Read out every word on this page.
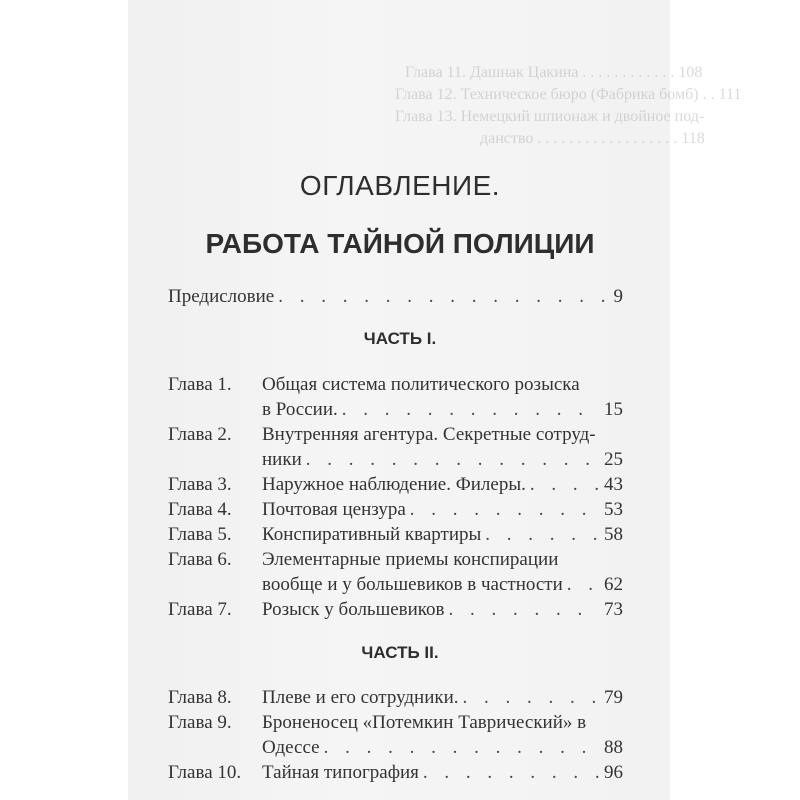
Глава 11. Дашнак Цакина . . . . . . . . . . . . 108
Глава 12. Техническое бюро (Фабрика бомб) . . 111
Глава 13. Немецкий шпионаж и двойное под-
данство . . . . . . . . . . . . . . . . . . 118
ОГЛАВЛЕНИЕ.
РАБОТА ТАЙНОЙ ПОЛИЦИИ
Предисловие . . .	9
ЧАСТЬ I.
Глава 1.	Общая система политического розыска
в России. . . .	15
Глава 2.	Внутренняя агентура. Секретные сотруд-
ники . . .	25
Глава 3.	Наружное наблюдение. Филеры. . . .	43
Глава 4.	Почтовая цензура . . .	53
Глава 5.	Конспиративный квартиры . . .	58
Глава 6.	Элементарные приемы конспирации
вообще и у большевиков в частности . . . 62
Глава 7.	Розыск у большевиков . . .	73
ЧАСТЬ II.
Глава 8.	Плеве и его сотрудники. . . .	79
Глава 9.	Броненосец «Потемкин Таврический» в
Одессе . . .	88
Глава 10.	Тайная типография . . .	96
